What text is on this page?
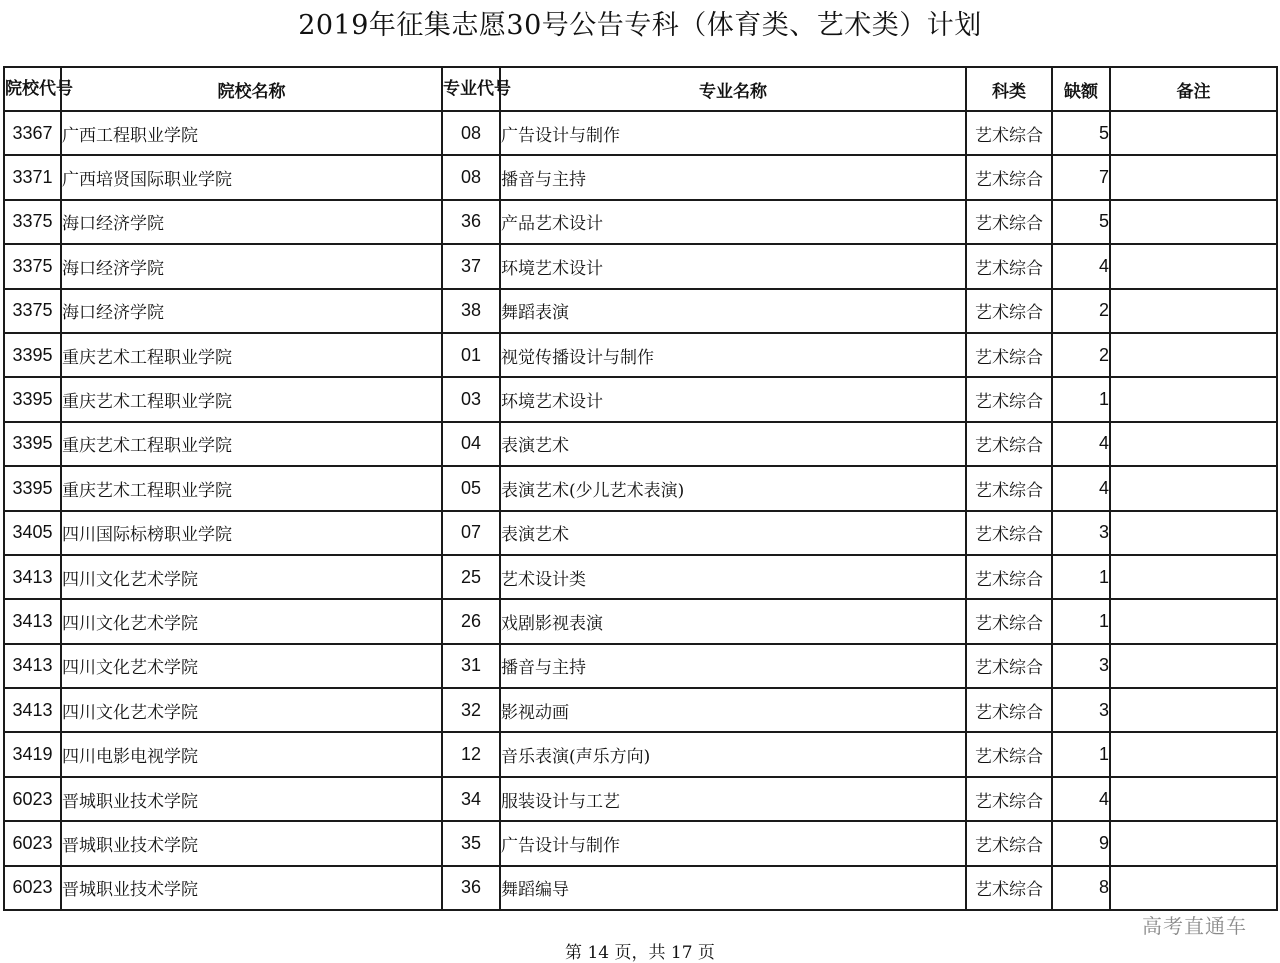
2019年征集志愿30号公告专科（体育类、艺术类）计划
院校代号	院校名称	专业代号	专业名称	科类	缺额	备注
3367	广西工程职业学院	08	广告设计与制作	艺术综合	5	
3371	广西培贤国际职业学院	08	播音与主持	艺术综合	7	
3375	海口经济学院	36	产品艺术设计	艺术综合	5	
3375	海口经济学院	37	环境艺术设计	艺术综合	4	
3375	海口经济学院	38	舞蹈表演	艺术综合	2	
3395	重庆艺术工程职业学院	01	视觉传播设计与制作	艺术综合	2	
3395	重庆艺术工程职业学院	03	环境艺术设计	艺术综合	1	
3395	重庆艺术工程职业学院	04	表演艺术	艺术综合	4	
3395	重庆艺术工程职业学院	05	表演艺术(少儿艺术表演)	艺术综合	4	
3405	四川国际标榜职业学院	07	表演艺术	艺术综合	3	
3413	四川文化艺术学院	25	艺术设计类	艺术综合	1	
3413	四川文化艺术学院	26	戏剧影视表演	艺术综合	1	
3413	四川文化艺术学院	31	播音与主持	艺术综合	3	
3413	四川文化艺术学院	32	影视动画	艺术综合	3	
3419	四川电影电视学院	12	音乐表演(声乐方向)	艺术综合	1	
6023	晋城职业技术学院	34	服装设计与工艺	艺术综合	4	
6023	晋城职业技术学院	35	广告设计与制作	艺术综合	9	
6023	晋城职业技术学院	36	舞蹈编导	艺术综合	8	
高考直通车
第 14 页，共 17 页
